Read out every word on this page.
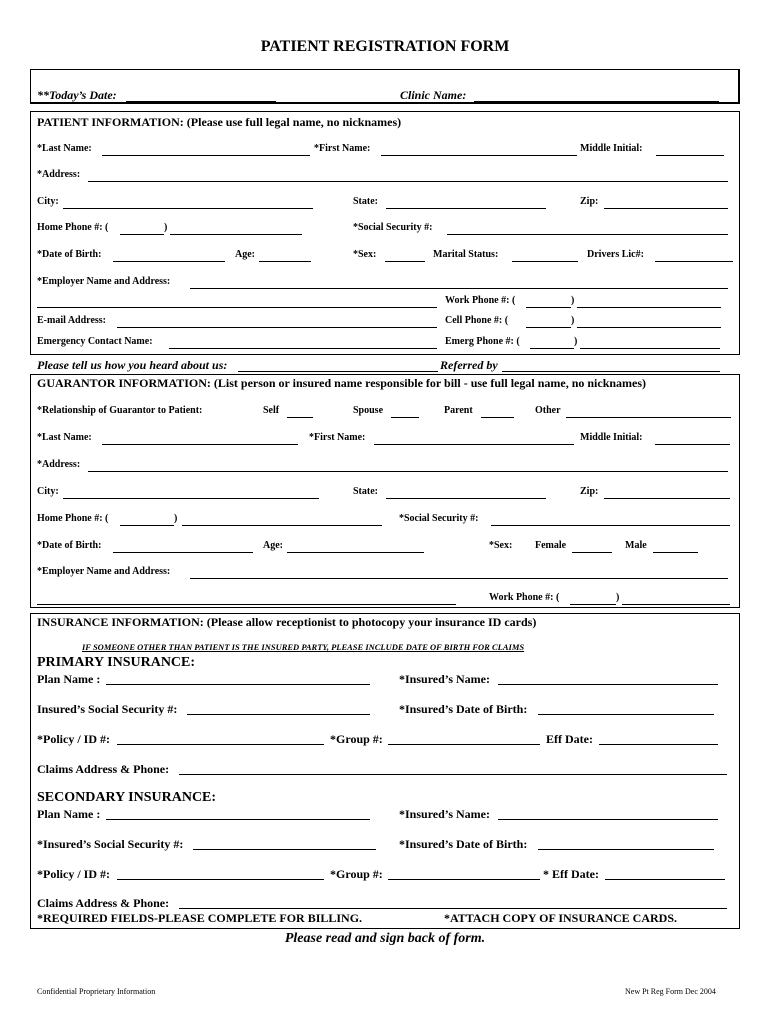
PATIENT REGISTRATION FORM
**Today’s Date:	Clinic Name:
PATIENT INFORMATION: (Please use full legal name, no nicknames)
*Last Name:	*First Name:	Middle Initial:
*Address:
City:	State:	Zip:
Home Phone #: (	)	*Social Security #:
*Date of Birth:	Age:	*Sex:	Marital Status:	Drivers Lic#:
*Employer Name and Address:
Work Phone #: (	)
E-mail Address:	Cell Phone #: (	)
Emergency Contact Name:	Emerg Phone #: (	)
Please tell us how you heard about us:	Referred by
GUARANTOR INFORMATION: (List person or insured name responsible for bill - use full legal name, no nicknames)
*Relationship of Guarantor to Patient:	Self	Spouse	Parent	Other
*Last Name:	*First Name:	Middle Initial:
*Address:
City:	State:	Zip:
Home Phone #: (	)	*Social Security #:
*Date of Birth:	Age:	*Sex: Female	Male
*Employer Name and Address:
Work Phone #: (	)
INSURANCE INFORMATION: (Please allow receptionist to photocopy your insurance ID cards)
IF SOMEONE OTHER THAN PATIENT IS THE INSURED PARTY, PLEASE INCLUDE DATE OF BIRTH FOR CLAIMS
PRIMARY INSURANCE:
Plan Name :	*Insured’s Name:
Insured’s Social Security #:	*Insured’s Date of Birth:
*Policy / ID #:	*Group #:	Eff Date:
Claims Address & Phone:
SECONDARY INSURANCE:
Plan Name :	*Insured’s Name:
*Insured’s Social Security #:	*Insured’s Date of Birth:
*Policy / ID #:	*Group #:	* Eff Date:
Claims Address & Phone:
*REQUIRED FIELDS-PLEASE COMPLETE FOR BILLING.	*ATTACH COPY OF INSURANCE CARDS.
Please read and sign back of form.
Confidential Proprietary Information	New Pt Reg Form Dec 2004
